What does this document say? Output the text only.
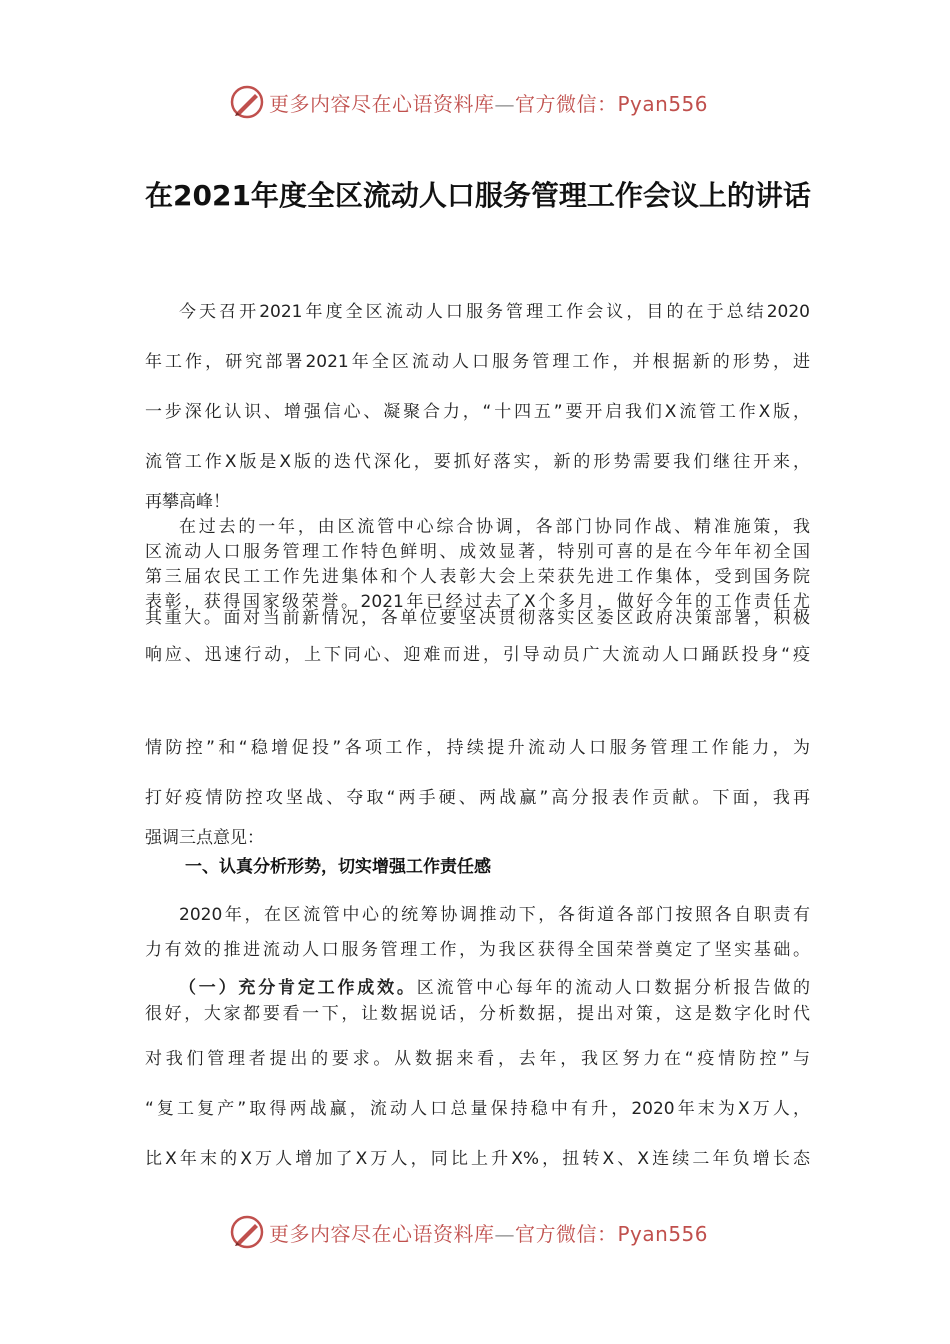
更多内容尽在心语资料库—官方微信：Pyan556
在2021年度全区流动人口服务管理工作会议上的讲话
今天召开2021年度全区流动人口服务管理工作会议，目的在于总结2020
年工作，研究部署2021年全区流动人口服务管理工作，并根据新的形势，进
一步深化认识、增强信心、凝聚合力，“十四五”要开启我们X流管工作X版，
流管工作X版是X版的迭代深化，要抓好落实，新的形势需要我们继往开来，
再攀高峰！
在过去的一年，由区流管中心综合协调，各部门协同作战、精准施策，我
区流动人口服务管理工作特色鲜明、成效显著，特别可喜的是在今年年初全国
第三届农民工工作先进集体和个人表彰大会上荣获先进工作集体，受到国务院
表彰，获得国家级荣誉。2021年已经过去了X个多月，做好今年的工作责任尤
其重大。面对当前新情况，各单位要坚决贯彻落实区委区政府决策部署，积极
响应、迅速行动，上下同心、迎难而进，引导动员广大流动人口踊跃投身“疫
情防控”和“稳增促投”各项工作，持续提升流动人口服务管理工作能力，为
打好疫情防控攻坚战、夺取“两手硬、两战赢”高分报表作贡献。下面，我再
强调三点意见：

一、认真分析形势，切实增强工作责任感

2020年，在区流管中心的统筹协调推动下，各街道各部门按照各自职责有
力有效的推进流动人口服务管理工作，为我区获得全国荣誉奠定了坚实基础。
（一）充分肯定工作成效。区流管中心每年的流动人口数据分析报告做的
很好，大家都要看一下，让数据说话，分析数据，提出对策，这是数字化时代
对我们管理者提出的要求。从数据来看，去年，我区努力在“疫情防控”与
“复工复产”取得两战赢，流动人口总量保持稳中有升，2020年末为X万人，
比X年末的X万人增加了X万人，同比上升X%，扭转X、X连续二年负增长态
更多内容尽在心语资料库—官方微信：Pyan556
